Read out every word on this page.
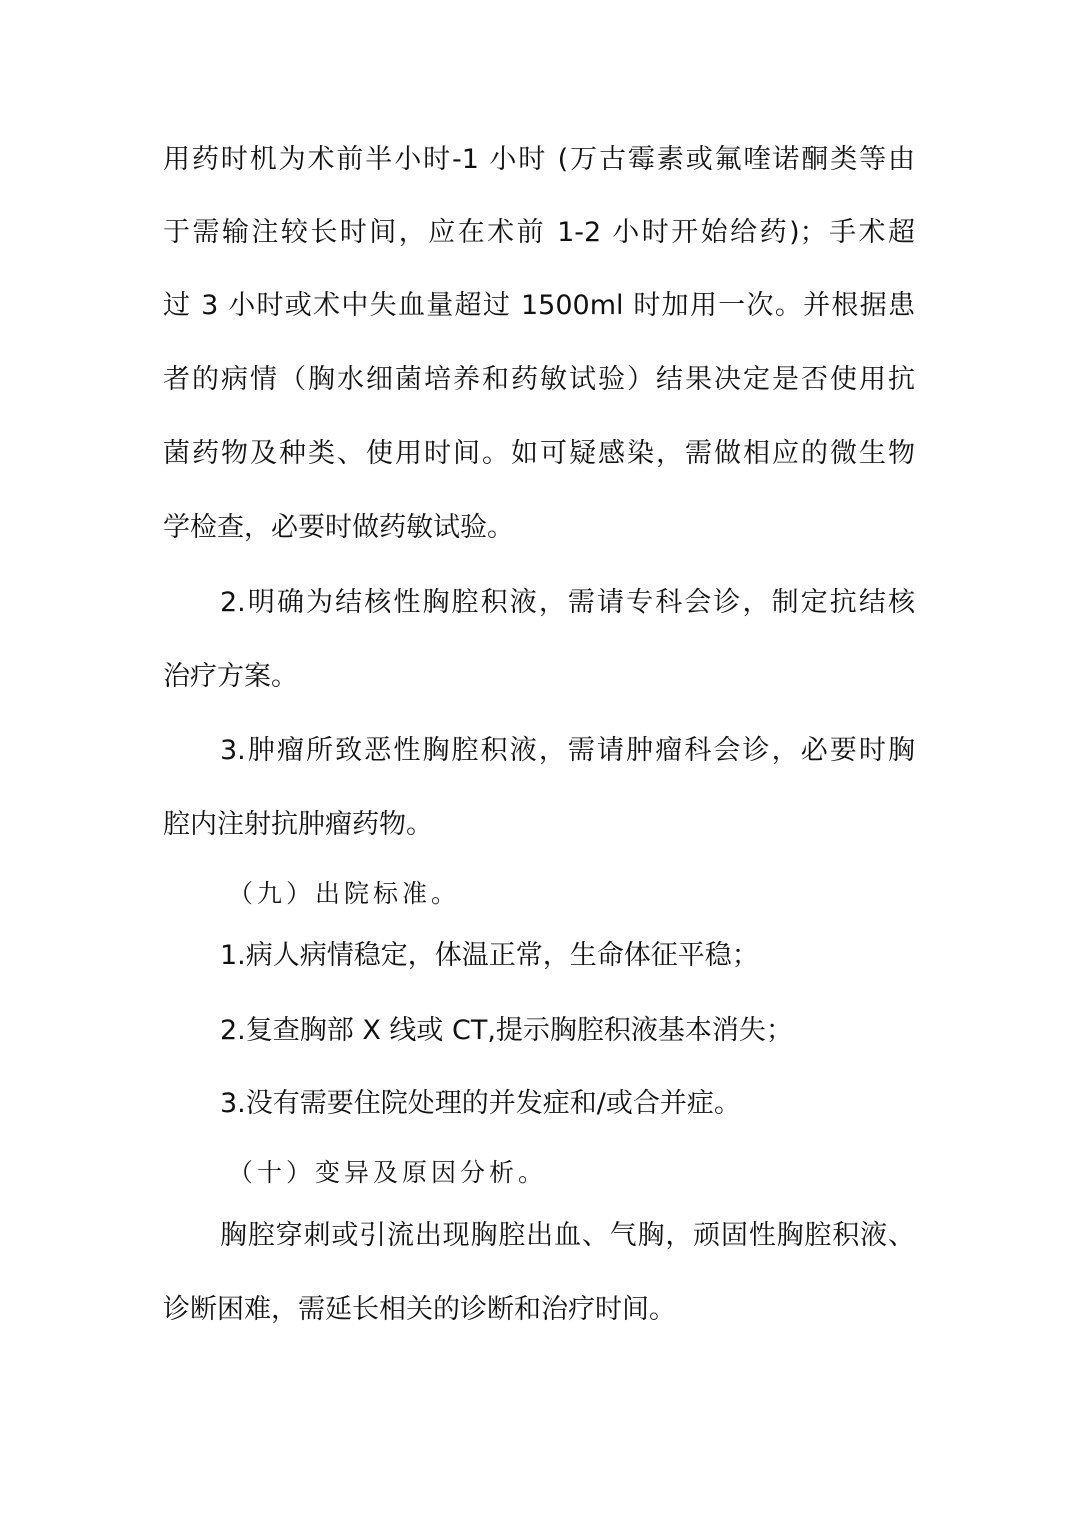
用药时机为术前半小时-1 小时 (万古霉素或氟喹诺酮类等由
于需输注较长时间，应在术前 1-2 小时开始给药)；手术超
过 3 小时或术中失血量超过 1500ml 时加用一次。并根据患
者的病情（胸水细菌培养和药敏试验）结果决定是否使用抗
菌药物及种类、使用时间。如可疑感染，需做相应的微生物
学检查，必要时做药敏试验。
2.明确为结核性胸腔积液，需请专科会诊，制定抗结核
治疗方案。
3.肿瘤所致恶性胸腔积液，需请肿瘤科会诊，必要时胸
腔内注射抗肿瘤药物。
（九）出院标准。
1.病人病情稳定，体温正常，生命体征平稳；
2.复查胸部 X 线或 CT,提示胸腔积液基本消失；
3.没有需要住院处理的并发症和/或合并症。
（十）变异及原因分析。
胸腔穿刺或引流出现胸腔出血、气胸，顽固性胸腔积液、
诊断困难，需延长相关的诊断和治疗时间。
